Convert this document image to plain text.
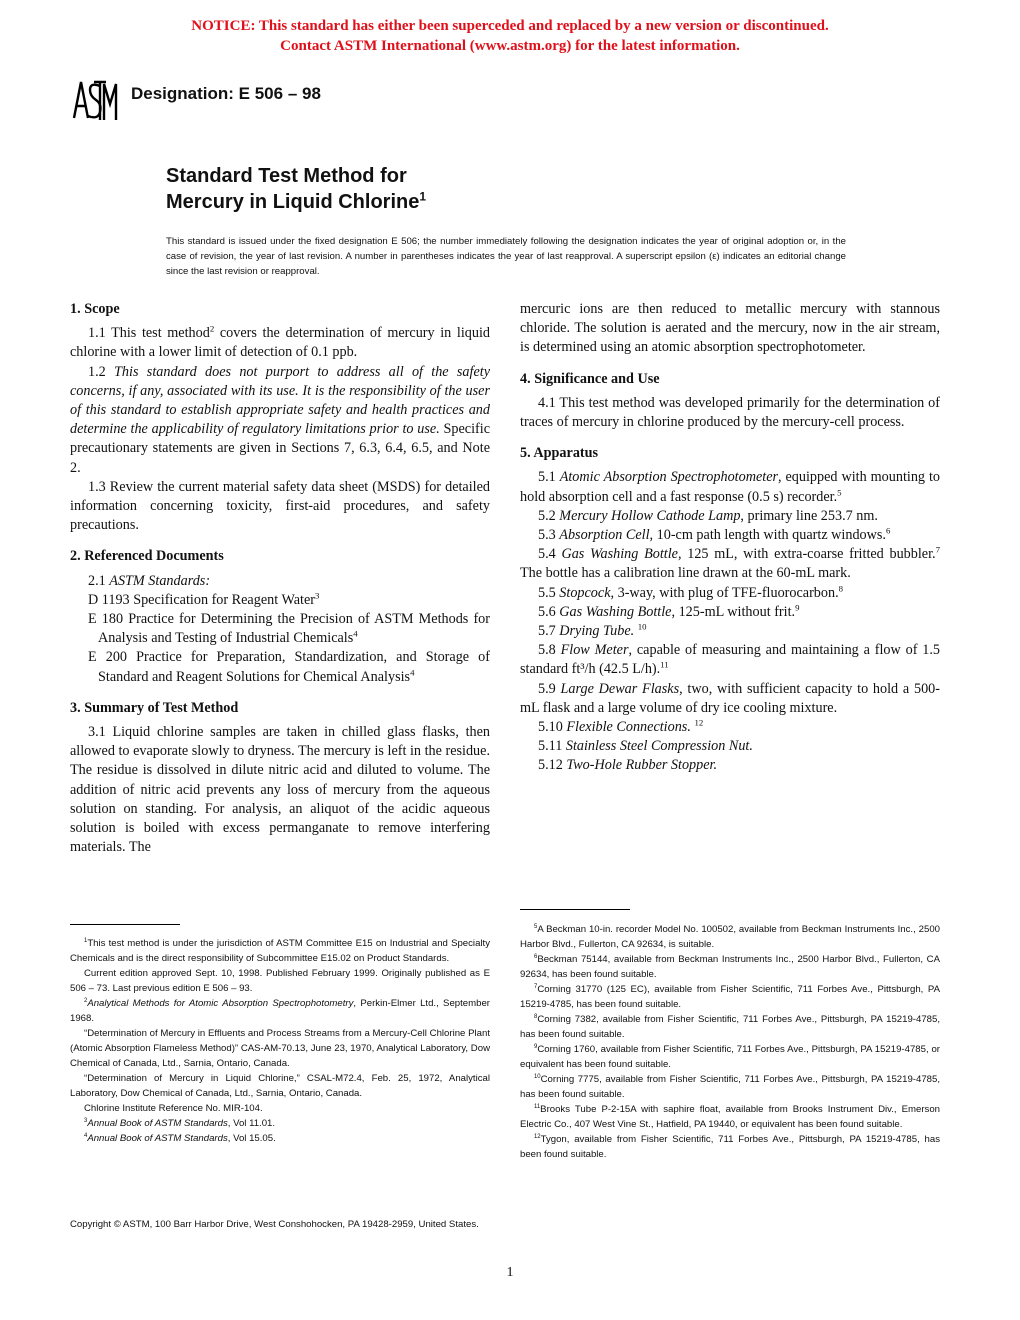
NOTICE: This standard has either been superceded and replaced by a new version or discontinued.
Contact ASTM International (www.astm.org) for the latest information.
Designation: E 506 – 98
Standard Test Method for
Mercury in Liquid Chlorine$^1$
This standard is issued under the fixed designation E 506; the number immediately following the designation indicates the year of original adoption or, in the case of revision, the year of last revision. A number in parentheses indicates the year of last reapproval. A superscript epsilon (ε) indicates an editorial change since the last revision or reapproval.
1. Scope

1.1 This test method$^2$ covers the determination of mercury in liquid chlorine with a lower limit of detection of 0.1 ppb.

1.2 This standard does not purport to address all of the safety concerns, if any, associated with its use. It is the responsibility of the user of this standard to establish appropriate safety and health practices and determine the applicability of regulatory limitations prior to use. Specific precautionary statements are given in Sections 7, 6.3, 6.4, 6.5, and Note 2.

1.3 Review the current material safety data sheet (MSDS) for detailed information concerning toxicity, first-aid procedures, and safety precautions.

2. Referenced Documents

2.1 ASTM Standards:

D 1193 Specification for Reagent Water$^3$

E 180 Practice for Determining the Precision of ASTM Methods for Analysis and Testing of Industrial Chemicals$^4$

E 200 Practice for Preparation, Standardization, and Storage of Standard and Reagent Solutions for Chemical Analysis$^4$

3. Summary of Test Method

3.1 Liquid chlorine samples are taken in chilled glass flasks, then allowed to evaporate slowly to dryness. The mercury is left in the residue. The residue is dissolved in dilute nitric acid and diluted to volume. The addition of nitric acid prevents any loss of mercury from the aqueous solution on standing. For analysis, an aliquot of the acidic aqueous solution is boiled with excess permanganate to remove interfering materials. The

mercuric ions are then reduced to metallic mercury with stannous chloride. The solution is aerated and the mercury, now in the air stream, is determined using an atomic absorption spectrophotometer.

4. Significance and Use

4.1 This test method was developed primarily for the determination of traces of mercury in chlorine produced by the mercury-cell process.

5. Apparatus

5.1 Atomic Absorption Spectrophotometer, equipped with mounting to hold absorption cell and a fast response (0.5 s) recorder.$^5$

5.2 Mercury Hollow Cathode Lamp, primary line 253.7 nm.

5.3 Absorption Cell, 10-cm path length with quartz windows.$^6$

5.4 Gas Washing Bottle, 125 mL, with extra-coarse fritted bubbler.$^7$ The bottle has a calibration line drawn at the 60-mL mark.

5.5 Stopcock, 3-way, with plug of TFE-fluorocarbon.$^8$

5.6 Gas Washing Bottle, 125-mL without frit.$^9$

5.7 Drying Tube. $^{10}$

5.8 Flow Meter, capable of measuring and maintaining a flow of 1.5 standard ft³/h (42.5 L/h).$^{11}$

5.9 Large Dewar Flasks, two, with sufficient capacity to hold a 500-mL flask and a large volume of dry ice cooling mixture.

5.10 Flexible Connections. $^{12}$

5.11 Stainless Steel Compression Nut.

5.12 Two-Hole Rubber Stopper.

$^1$This test method is under the jurisdiction of ASTM Committee E15 on Industrial and Specialty Chemicals and is the direct responsibility of Subcommittee E15.02 on Product Standards.

Current edition approved Sept. 10, 1998. Published February 1999. Originally published as E 506 – 73. Last previous edition E 506 – 93.

$^2$Analytical Methods for Atomic Absorption Spectrophotometry, Perkin-Elmer Ltd., September 1968.

“Determination of Mercury in Effluents and Process Streams from a Mercury-Cell Chlorine Plant (Atomic Absorption Flameless Method)” CAS-AM-70.13, June 23, 1970, Analytical Laboratory, Dow Chemical of Canada, Ltd., Sarnia, Ontario, Canada.

“Determination of Mercury in Liquid Chlorine,” CSAL-M72.4, Feb. 25, 1972, Analytical Laboratory, Dow Chemical of Canada, Ltd., Sarnia, Ontario, Canada.

Chlorine Institute Reference No. MIR-104.

$^3$Annual Book of ASTM Standards, Vol 11.01.

$^4$Annual Book of ASTM Standards, Vol 15.05.

$^5$A Beckman 10-in. recorder Model No. 100502, available from Beckman Instruments Inc., 2500 Harbor Blvd., Fullerton, CA 92634, is suitable.

$^6$Beckman 75144, available from Beckman Instruments Inc., 2500 Harbor Blvd., Fullerton, CA 92634, has been found suitable.

$^7$Corning 31770 (125 EC), available from Fisher Scientific, 711 Forbes Ave., Pittsburgh, PA 15219-4785, has been found suitable.

$^8$Corning 7382, available from Fisher Scientific, 711 Forbes Ave., Pittsburgh, PA 15219-4785, has been found suitable.

$^9$Corning 1760, available from Fisher Scientific, 711 Forbes Ave., Pittsburgh, PA 15219-4785, or equivalent has been found suitable.

$^{10}$Corning 7775, available from Fisher Scientific, 711 Forbes Ave., Pittsburgh, PA 15219-4785, has been found suitable.

$^{11}$Brooks Tube P-2-15A with saphire float, available from Brooks Instrument Div., Emerson Electric Co., 407 West Vine St., Hatfield, PA 19440, or equivalent has been found suitable.

$^{12}$Tygon, available from Fisher Scientific, 711 Forbes Ave., Pittsburgh, PA 15219-4785, has been found suitable.

Copyright © ASTM, 100 Barr Harbor Drive, West Conshohocken, PA 19428-2959, United States.
1
